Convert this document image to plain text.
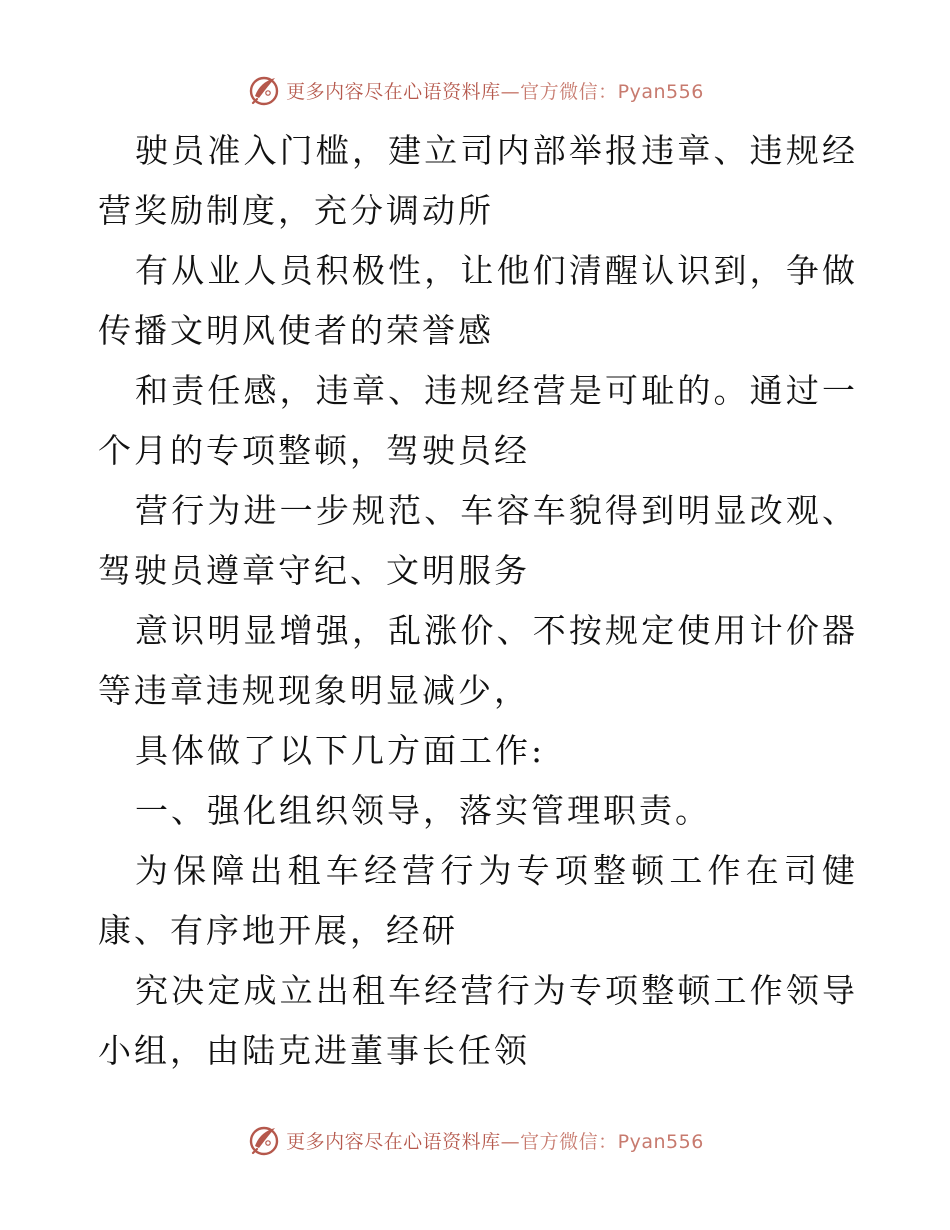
更多内容尽在心语资料库—官方微信：Pyan556

驶员准入门槛，建立司内部举报违章、违规经营奖励制度，充分调动所

有从业人员积极性，让他们清醒认识到，争做传播文明风使者的荣誉感

和责任感，违章、违规经营是可耻的。通过一个月的专项整顿，驾驶员经

营行为进一步规范、车容车貌得到明显改观、驾驶员遵章守纪、文明服务

意识明显增强，乱涨价、不按规定使用计价器等违章违规现象明显减少，

具体做了以下几方面工作:

一、强化组织领导，落实管理职责。

为保障出租车经营行为专项整顿工作在司健康、有序地开展，经研

究决定成立出租车经营行为专项整顿工作领导小组，由陆克进董事长任领

更多内容尽在心语资料库—官方微信：Pyan556
